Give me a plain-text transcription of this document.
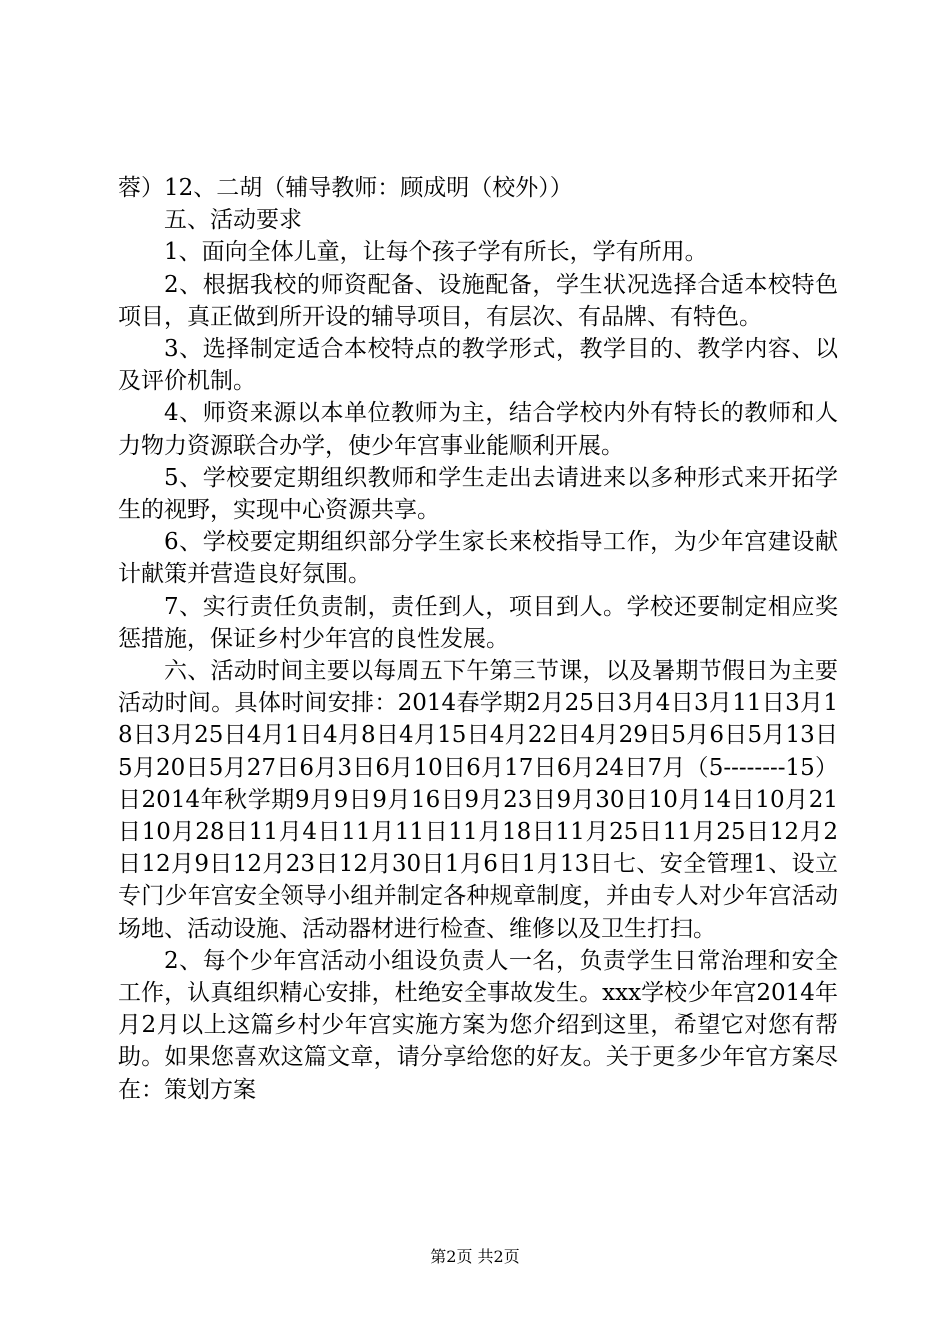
蓉）12、二胡（辅导教师：顾成明（校外））

五、活动要求

1、面向全体儿童，让每个孩子学有所长，学有所用。

2、根据我校的师资配备、设施配备，学生状况选择合适本校特色项目，真正做到所开设的辅导项目，有层次、有品牌、有特色。

3、选择制定适合本校特点的教学形式，教学目的、教学内容、以及评价机制。

4、师资来源以本单位教师为主，结合学校内外有特长的教师和人力物力资源联合办学，使少年宫事业能顺利开展。

5、学校要定期组织教师和学生走出去请进来以多种形式来开拓学生的视野，实现中心资源共享。

6、学校要定期组织部分学生家长来校指导工作，为少年宫建设献计献策并营造良好氛围。

7、实行责任负责制，责任到人，项目到人。学校还要制定相应奖惩措施，保证乡村少年宫的良性发展。

六、活动时间主要以每周五下午第三节课，以及暑期节假日为主要活动时间。具体时间安排：2014春学期2月25日3月4日3月11日3月18日3月25日4月1日4月8日4月15日4月22日4月29日5月6日5月13日5月20日5月27日6月3日6月10日6月17日6月24日7月（5--------15）日2014年秋学期9月9日9月16日9月23日9月30日10月14日10月21日10月28日11月4日11月11日11月18日11月25日11月25日12月2日12月9日12月23日12月30日1月6日1月13日七、安全管理1、设立专门少年宫安全领导小组并制定各种规章制度，并由专人对少年宫活动场地、活动设施、活动器材进行检查、维修以及卫生打扫。

2、每个少年宫活动小组设负责人一名，负责学生日常治理和安全工作，认真组织精心安排，杜绝安全事故发生。xxx学校少年宫2014年月2月以上这篇乡村少年宫实施方案为您介绍到这里，希望它对您有帮助。如果您喜欢这篇文章，请分享给您的好友。关于更多少年官方案尽在：策划方案

第2页 共2页
